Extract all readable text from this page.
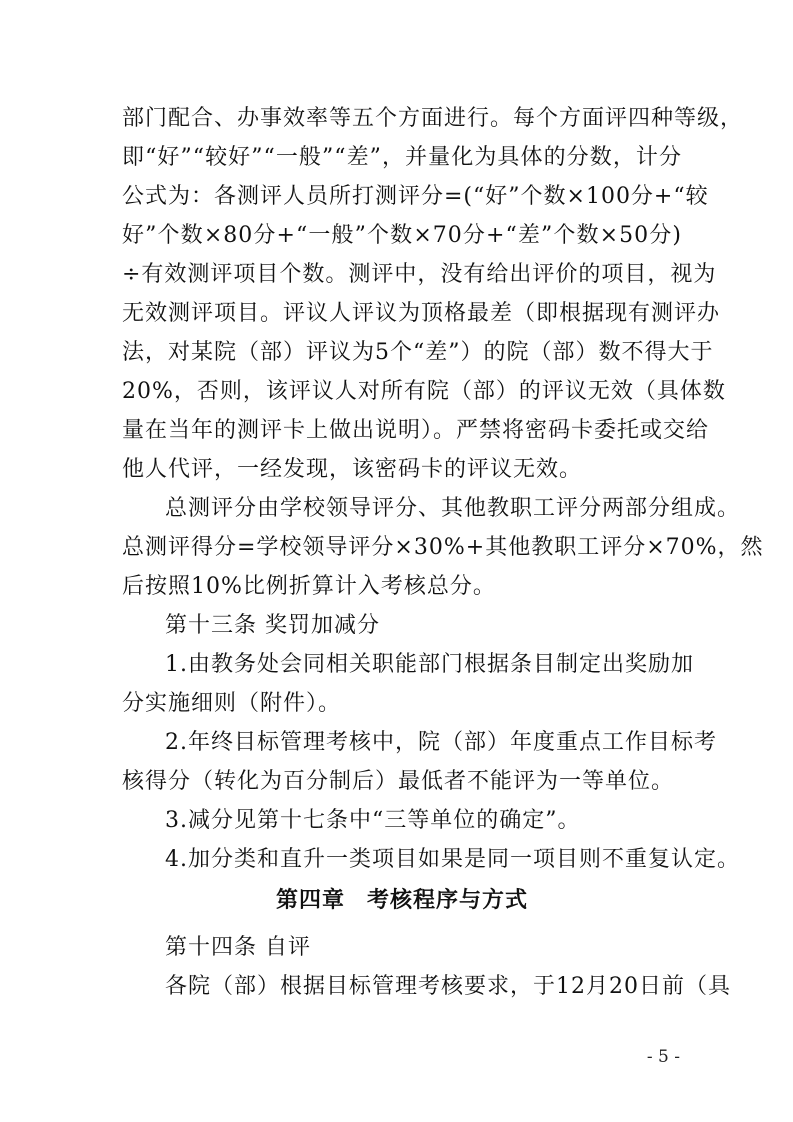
部门配合、办事效率等五个方面进行。每个方面评四种等级，
即“好”“较好”“一般”“差”，并量化为具体的分数，计分
公式为：各测评人员所打测评分=(“好”个数×100分+“较
好”个数×80分+“一般”个数×70分+“差”个数×50分)
÷有效测评项目个数。测评中，没有给出评价的项目，视为
无效测评项目。评议人评议为顶格最差（即根据现有测评办
法，对某院（部）评议为5个“差”）的院（部）数不得大于
20%，否则，该评议人对所有院（部）的评议无效（具体数
量在当年的测评卡上做出说明）。严禁将密码卡委托或交给
他人代评，一经发现，该密码卡的评议无效。
总测评分由学校领导评分、其他教职工评分两部分组成。
总测评得分=学校领导评分×30%+其他教职工评分×70%，然
后按照10%比例折算计入考核总分。
第十三条 奖罚加减分
1.由教务处会同相关职能部门根据条目制定出奖励加
分实施细则（附件）。
2.年终目标管理考核中，院（部）年度重点工作目标考
核得分（转化为百分制后）最低者不能评为一等单位。
3.减分见第十七条中“三等单位的确定”。
4.加分类和直升一类项目如果是同一项目则不重复认定。
第四章 考核程序与方式
第十四条 自评
各院（部）根据目标管理考核要求，于12月20日前（具
- 5 -
